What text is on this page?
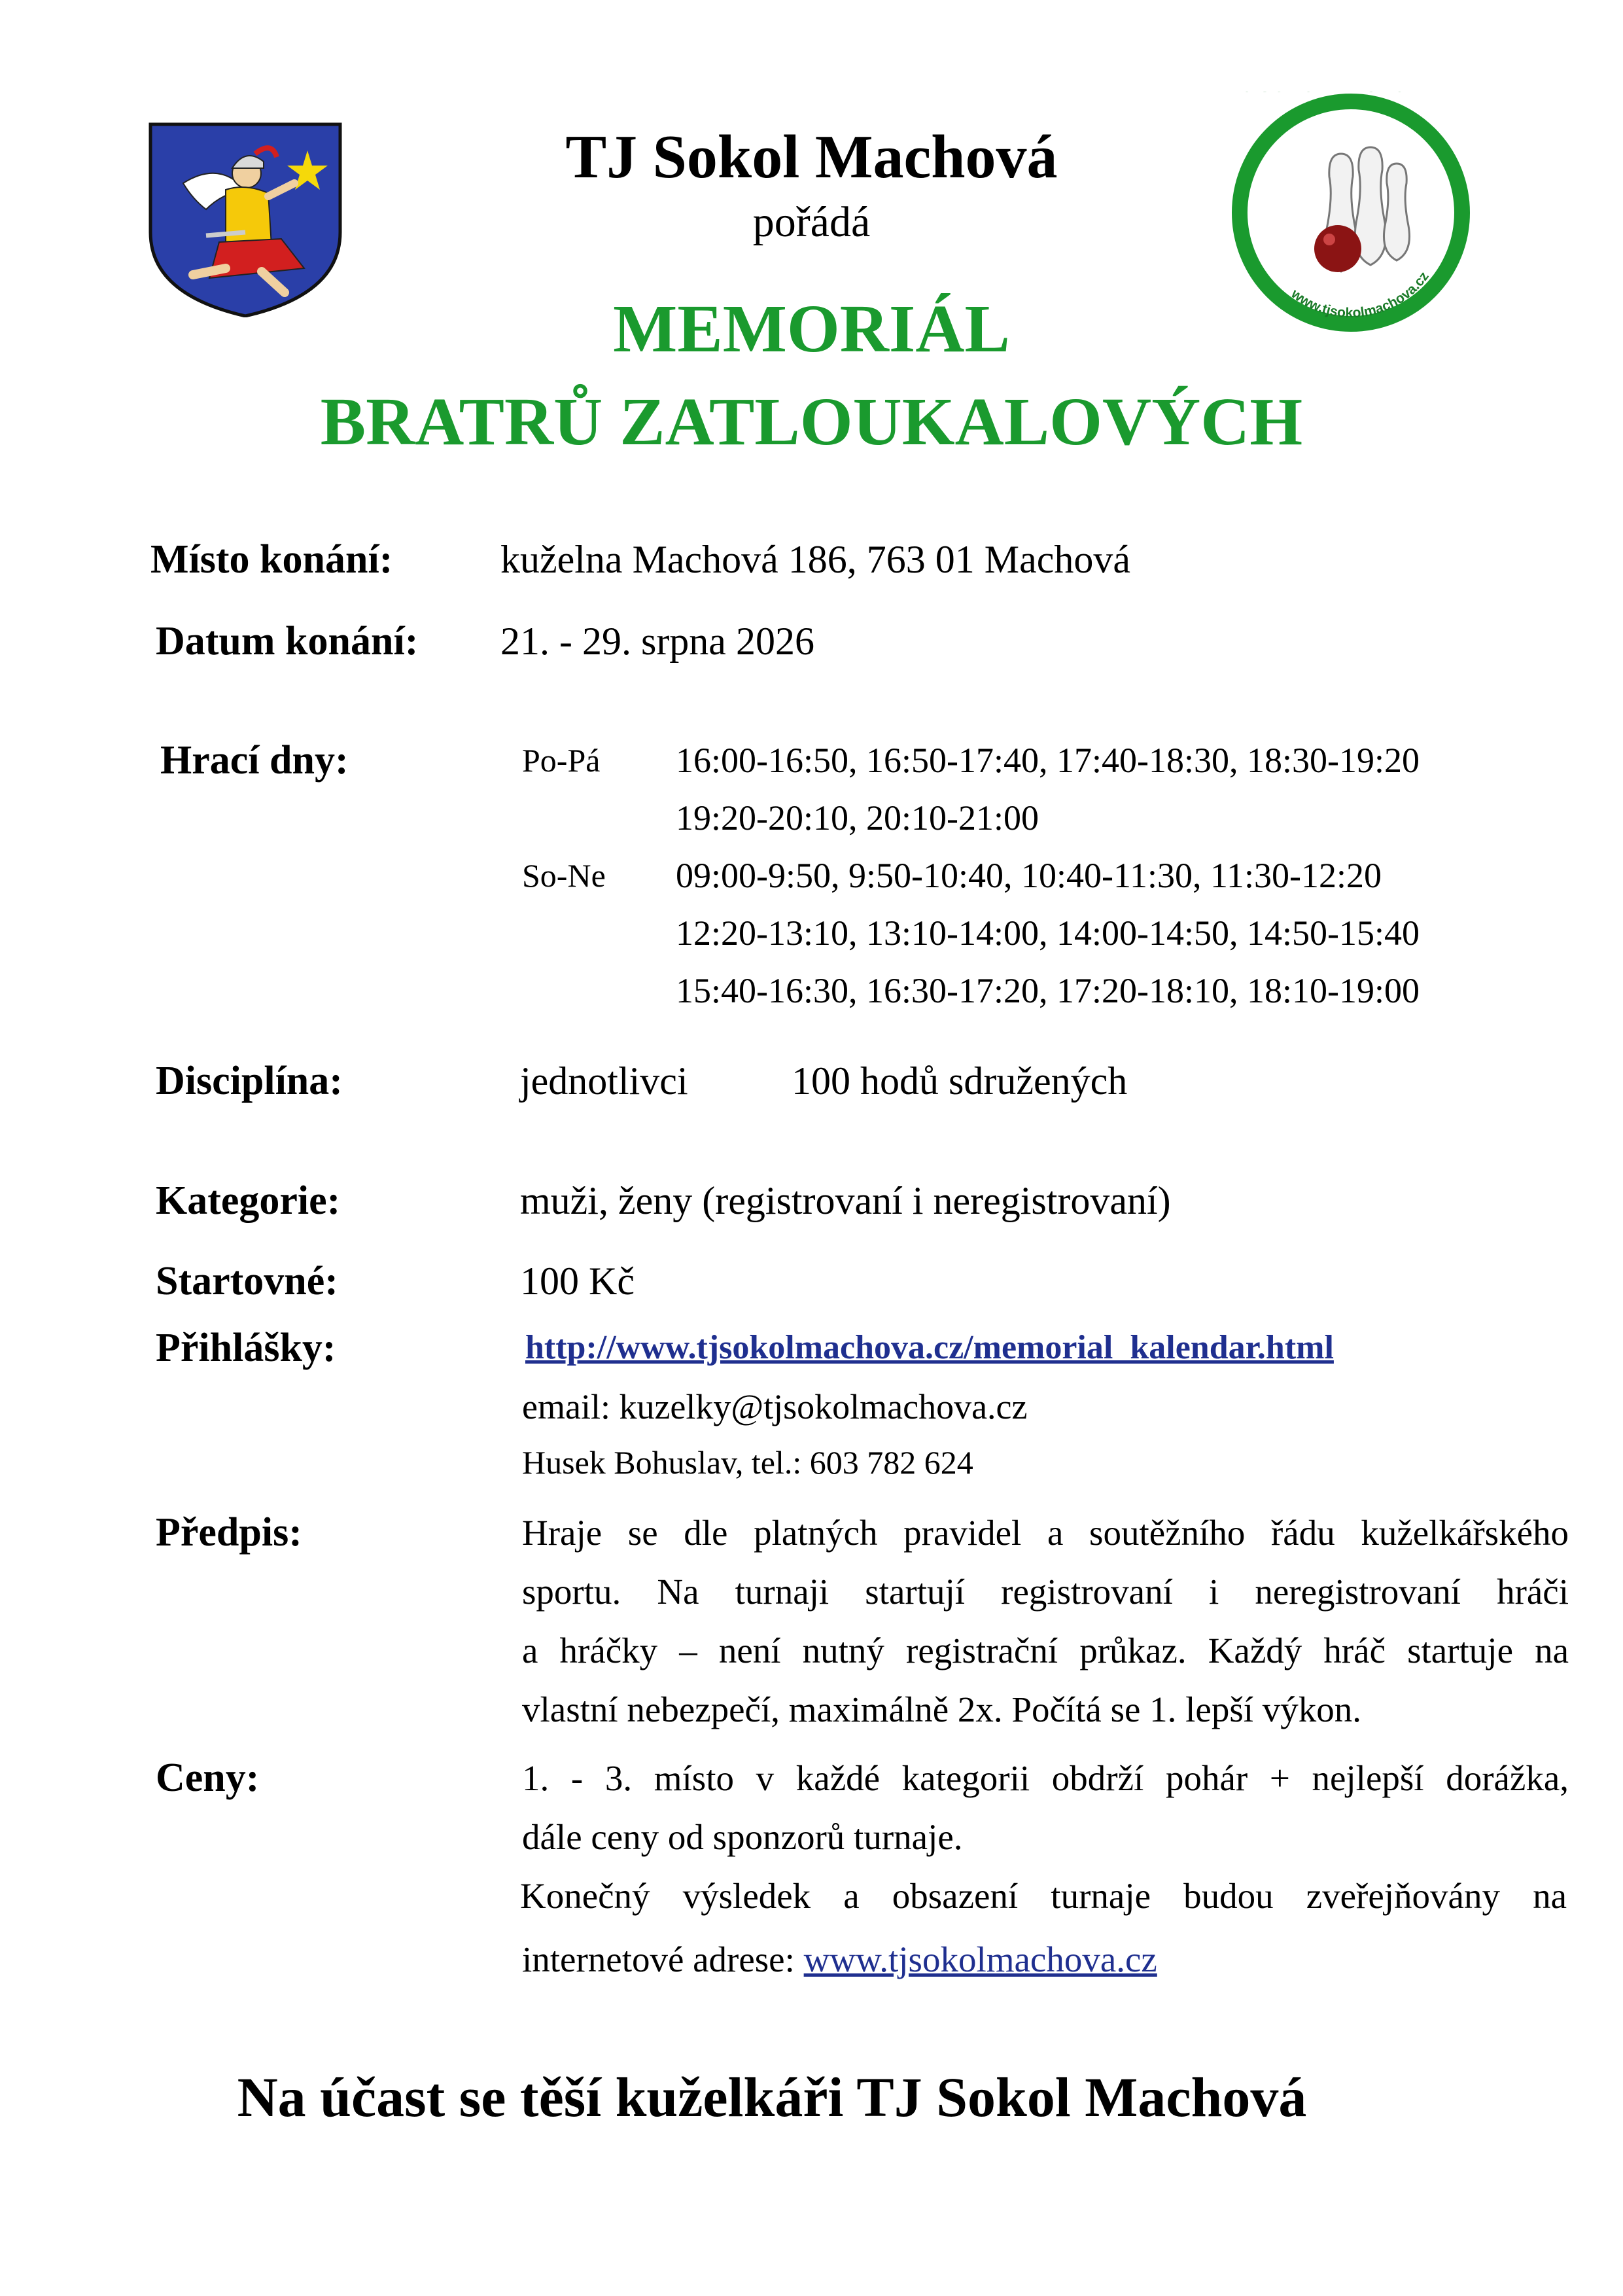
TJ Sokol Machová
pořádá
MEMORIÁL
BRATRŮ ZATLOUKALOVÝCH
www.tjsokolmachova.cz
Místo konání:	kuželna Machová 186, 763 01 Machová
Datum konání: 21. - 29. srpna 2026
Hrací dny:	Po-Pá 16:00-16:50, 16:50-17:40, 17:40-18:30, 18:30-19:20
19:20-20:10, 20:10-21:00
So-Ne 09:00-9:50, 9:50-10:40, 10:40-11:30, 11:30-12:20
12:20-13:10, 13:10-14:00, 14:00-14:50, 14:50-15:40
15:40-16:30, 16:30-17:20, 17:20-18:10, 18:10-19:00
Disciplína:	jednotlivci	100 hodů sdružených
Kategorie:	muži, ženy (registrovaní i neregistrovaní)
Startovné:	100 Kč
Přihlášky:	http://www.tjsokolmachova.cz/memorial_kalendar.html
email: kuzelky@tjsokolmachova.cz
Husek Bohuslav, tel.: 603 782 624
Předpis:	Hraje se dle platných pravidel a soutěžního řádu kuželkářského
sportu. Na turnaji startují registrovaní i neregistrovaní hráči
a hráčky – není nutný registrační průkaz. Každý hráč startuje na
vlastní nebezpečí, maximálně 2x. Počítá se 1. lepší výkon.
Ceny:	1. - 3. místo v každé kategorii obdrží pohár + nejlepší dorážka,
dále ceny od sponzorů turnaje.
Konečný výsledek a obsazení turnaje budou zveřejňovány na
internetové adrese: www.tjsokolmachova.cz
Na účast se těší kuželkáři TJ Sokol Machová
